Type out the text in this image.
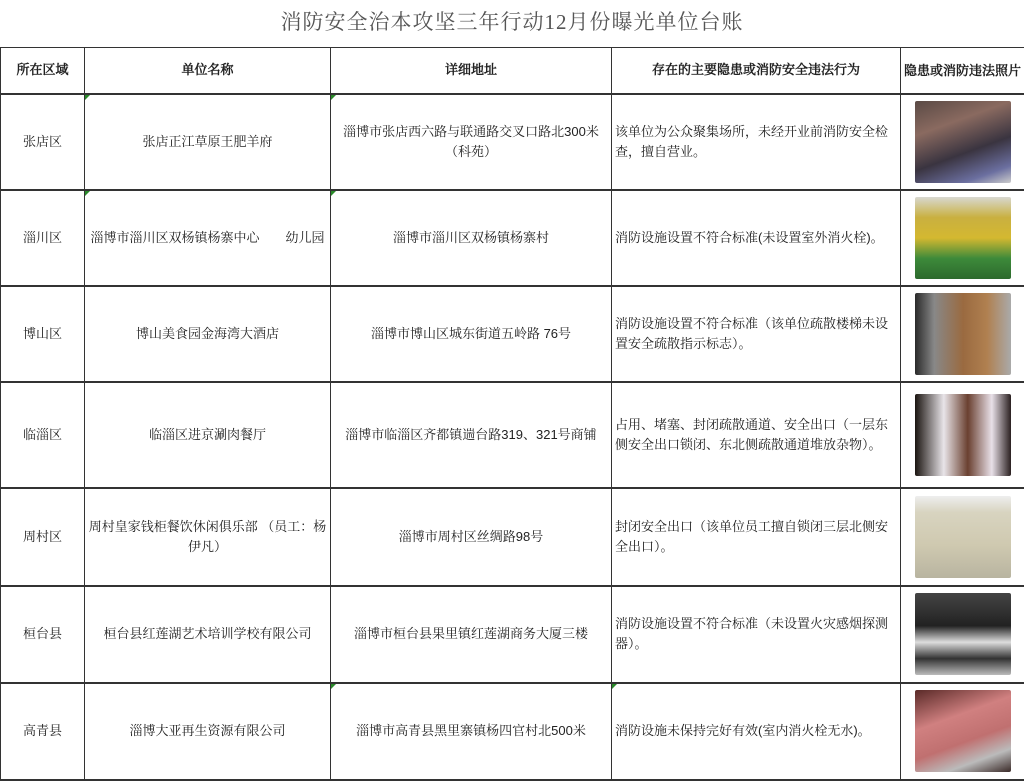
消防安全治本攻坚三年行动12月份曝光单位台账
所在区域	单位名称	详细地址	存在的主要隐患或消防安全违法行为	隐患或消防违法照片
张店区	张店正江草原王肥羊府	淄博市张店西六路与联通路交叉口路北300米（科苑）	该单位为公众聚集场所，未经开业前消防安全检查，擅自营业。	

淄川区	淄博市淄川区双杨镇杨寨中心　　幼儿园	淄博市淄川区双杨镇杨寨村	消防设施设置不符合标准(未设置室外消火栓)。	

博山区	博山美食园金海湾大酒店	淄博市博山区城东街道五岭路 76号	消防设施设置不符合标准（该单位疏散楼梯未设置安全疏散指示标志）。	

临淄区	临淄区进京涮肉餐厅	淄博市临淄区齐都镇遄台路319、321号商铺	占用、堵塞、封闭疏散通道、安全出口（一层东侧安全出口锁闭、东北侧疏散通道堆放杂物）。	

周村区	周村皇家钱柜餐饮休闲俱乐部 （员工：杨伊凡）	淄博市周村区丝绸路98号	封闭安全出口（该单位员工擅自锁闭三层北侧安全出口）。	

桓台县	桓台县红莲湖艺术培训学校有限公司	淄博市桓台县果里镇红莲湖商务大厦三楼	消防设施设置不符合标准（未设置火灾感烟探测器）。	

高青县	淄博大亚再生资源有限公司	淄博市高青县黑里寨镇杨四官村北500米	消防设施未保持完好有效(室内消火栓无水)。	
